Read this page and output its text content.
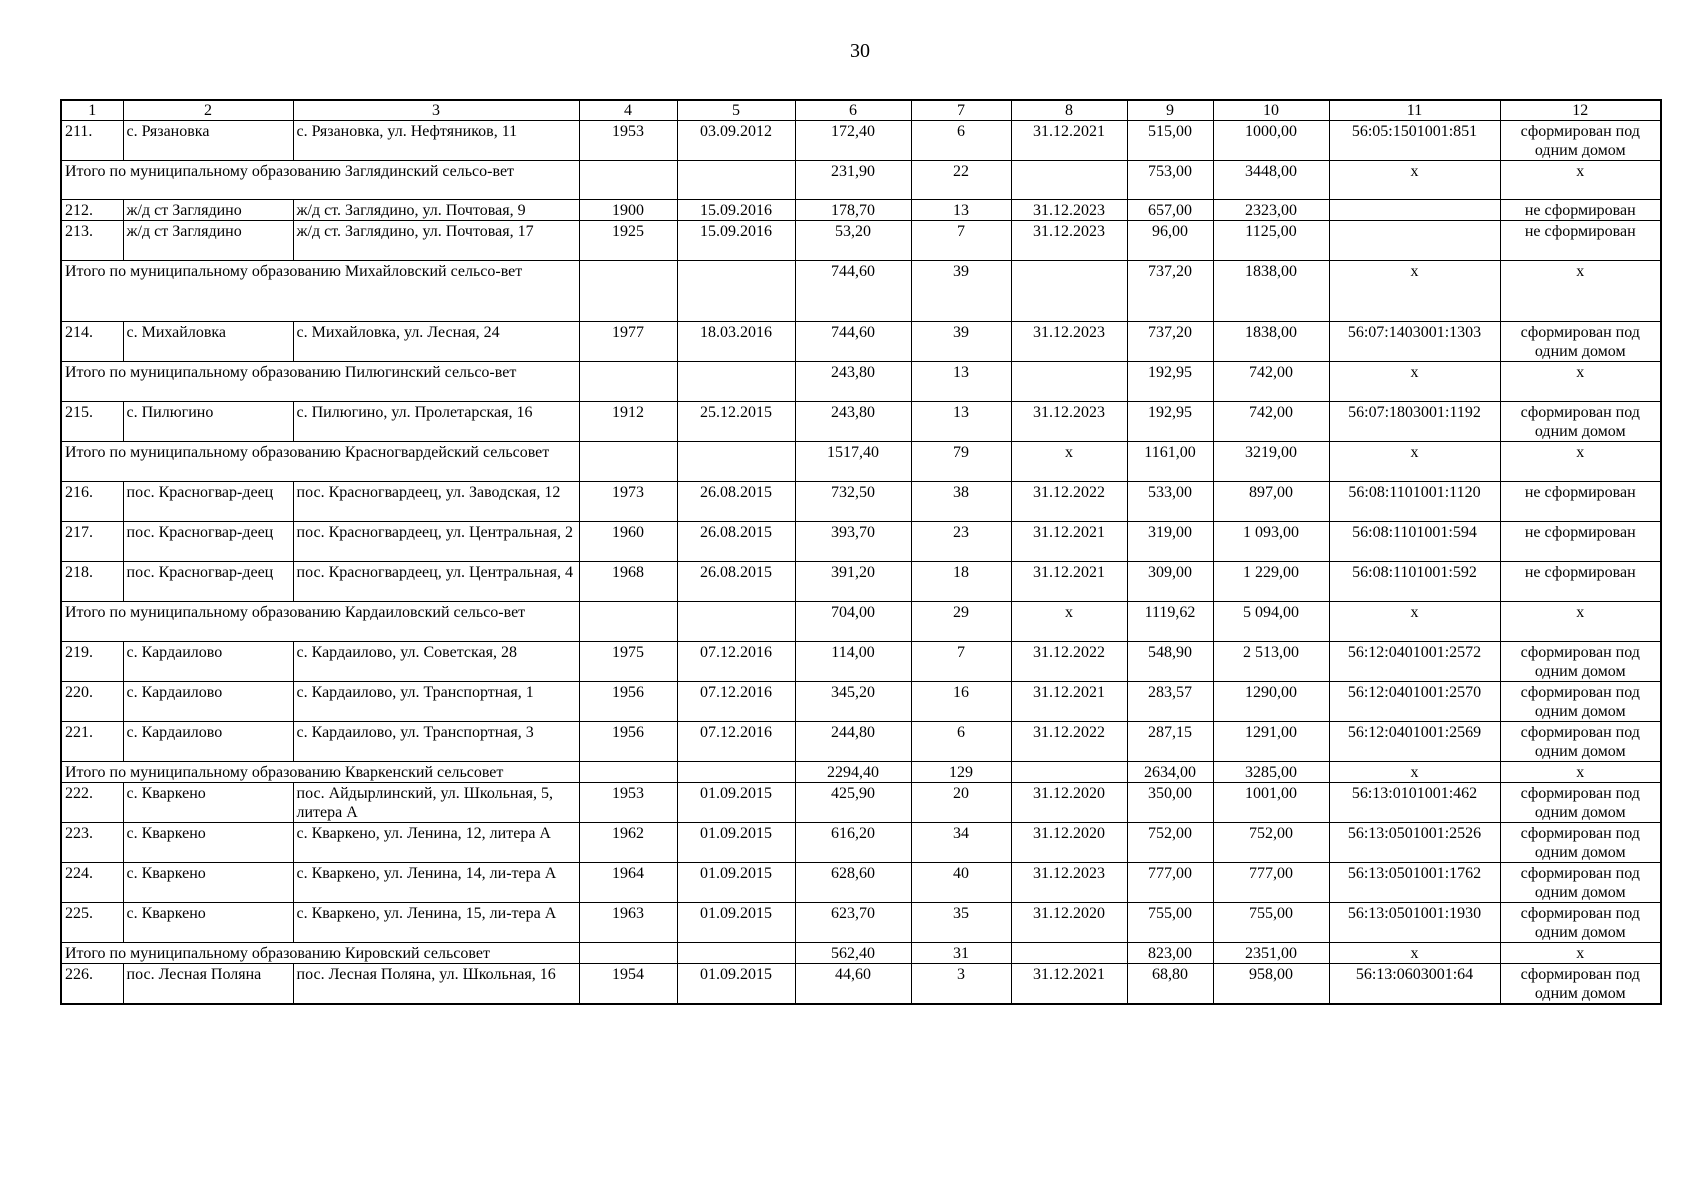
30
1	2	3	4	5	6	7	8	9	10	11	12
211.	с. Рязановка	с. Рязановка, ул. Нефтяников, 11	1953	03.09.2012	172,40	6	31.12.2021	515,00	1000,00	56:05:1501001:851	сформирован под одним домом
Итого по муниципальному образованию Заглядинский сельсо-вет					231,90	22		753,00	3448,00	x	x
212.	ж/д ст Заглядино	ж/д ст. Заглядино, ул. Почтовая, 9	1900	15.09.2016	178,70	13	31.12.2023	657,00	2323,00		не сформирован
213.	ж/д ст Заглядино	ж/д ст. Заглядино, ул. Почтовая, 17	1925	15.09.2016	53,20	7	31.12.2023	96,00	1125,00		не сформирован
Итого по муниципальному образованию Михайловский сельсо-вет					744,60	39		737,20	1838,00	x	x
214.	с. Михайловка	с. Михайловка, ул. Лесная, 24	1977	18.03.2016	744,60	39	31.12.2023	737,20	1838,00	56:07:1403001:1303	сформирован под одним домом
Итого по муниципальному образованию Пилюгинский сельсо-вет					243,80	13		192,95	742,00	x	x
215.	с. Пилюгино	с. Пилюгино, ул. Пролетарская, 16	1912	25.12.2015	243,80	13	31.12.2023	192,95	742,00	56:07:1803001:1192	сформирован под одним домом
Итого по муниципальному образованию Красногвардейский сельсовет					1517,40	79	x	1161,00	3219,00	x	x
216.	пос. Красногвар-деец	пос. Красногвардеец, ул. Заводская, 12	1973	26.08.2015	732,50	38	31.12.2022	533,00	897,00	56:08:1101001:1120	не сформирован
217.	пос. Красногвар-деец	пос. Красногвардеец, ул. Центральная, 2	1960	26.08.2015	393,70	23	31.12.2021	319,00	1 093,00	56:08:1101001:594	не сформирован
218.	пос. Красногвар-деец	пос. Красногвардеец, ул. Центральная, 4	1968	26.08.2015	391,20	18	31.12.2021	309,00	1 229,00	56:08:1101001:592	не сформирован
Итого по муниципальному образованию Кардаиловский сельсо-вет					704,00	29	x	1119,62	5 094,00	x	x
219.	с. Кардаилово	с. Кардаилово, ул. Советская, 28	1975	07.12.2016	114,00	7	31.12.2022	548,90	2 513,00	56:12:0401001:2572	сформирован под одним домом
220.	с. Кардаилово	с. Кардаилово, ул. Транспортная, 1	1956	07.12.2016	345,20	16	31.12.2021	283,57	1290,00	56:12:0401001:2570	сформирован под одним домом
221.	с. Кардаилово	с. Кардаилово, ул. Транспортная, 3	1956	07.12.2016	244,80	6	31.12.2022	287,15	1291,00	56:12:0401001:2569	сформирован под одним домом
Итого по муниципальному образованию Кваркенский сельсовет					2294,40	129		2634,00	3285,00	x	x
222.	с. Кваркено	пос. Айдырлинский, ул. Школьная, 5, литера А	1953	01.09.2015	425,90	20	31.12.2020	350,00	1001,00	56:13:0101001:462	сформирован под одним домом
223.	с. Кваркено	с. Кваркено, ул. Ленина, 12, литера А	1962	01.09.2015	616,20	34	31.12.2020	752,00	752,00	56:13:0501001:2526	сформирован под одним домом
224.	с. Кваркено	с. Кваркено, ул. Ленина, 14, ли-тера А	1964	01.09.2015	628,60	40	31.12.2023	777,00	777,00	56:13:0501001:1762	сформирован под одним домом
225.	с. Кваркено	с. Кваркено, ул. Ленина, 15, ли-тера А	1963	01.09.2015	623,70	35	31.12.2020	755,00	755,00	56:13:0501001:1930	сформирован под одним домом
Итого по муниципальному образованию Кировский сельсовет					562,40	31		823,00	2351,00	x	x
226.	пос. Лесная Поляна	пос. Лесная Поляна, ул. Школьная, 16	1954	01.09.2015	44,60	3	31.12.2021	68,80	958,00	56:13:0603001:64	сформирован под одним домом
